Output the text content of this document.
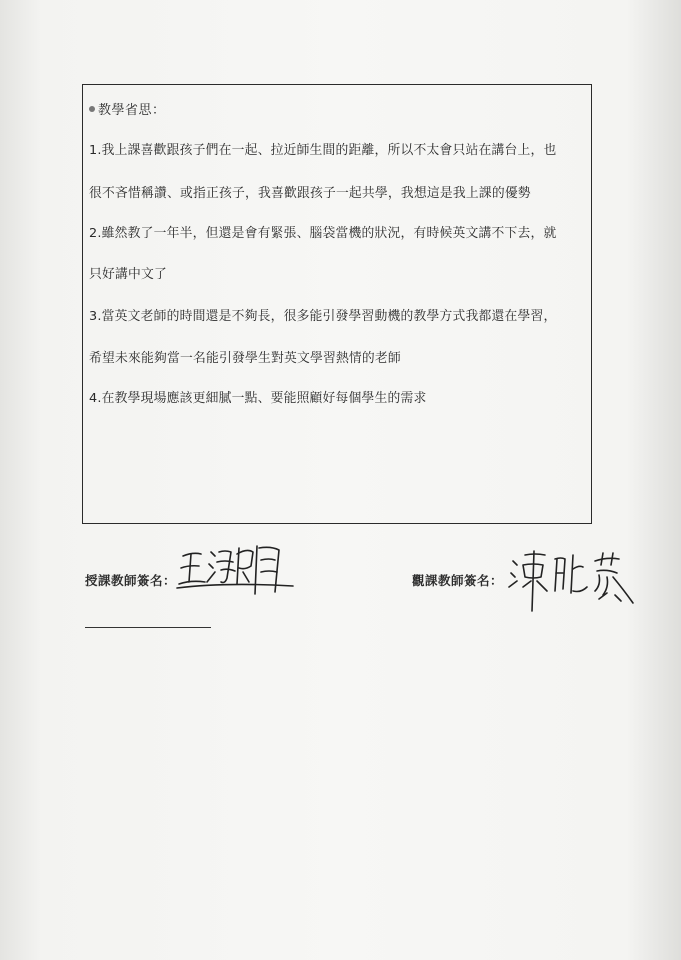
教學省思：
1.我上課喜歡跟孩子們在一起、拉近師生間的距離，所以不太會只站在講台上，也
很不吝惜稱讚、或指正孩子，我喜歡跟孩子一起共學，我想這是我上課的優勢
2.雖然教了一年半，但還是會有緊張、腦袋當機的狀況，有時候英文講不下去，就
只好講中文了
3.當英文老師的時間還是不夠長，很多能引發學習動機的教學方式我都還在學習，
希望未來能夠當一名能引發學生對英文學習熱情的老師
4.在教學現場應該更細膩一點、要能照顧好每個學生的需求
授課教師簽名：	觀課教師簽名：
